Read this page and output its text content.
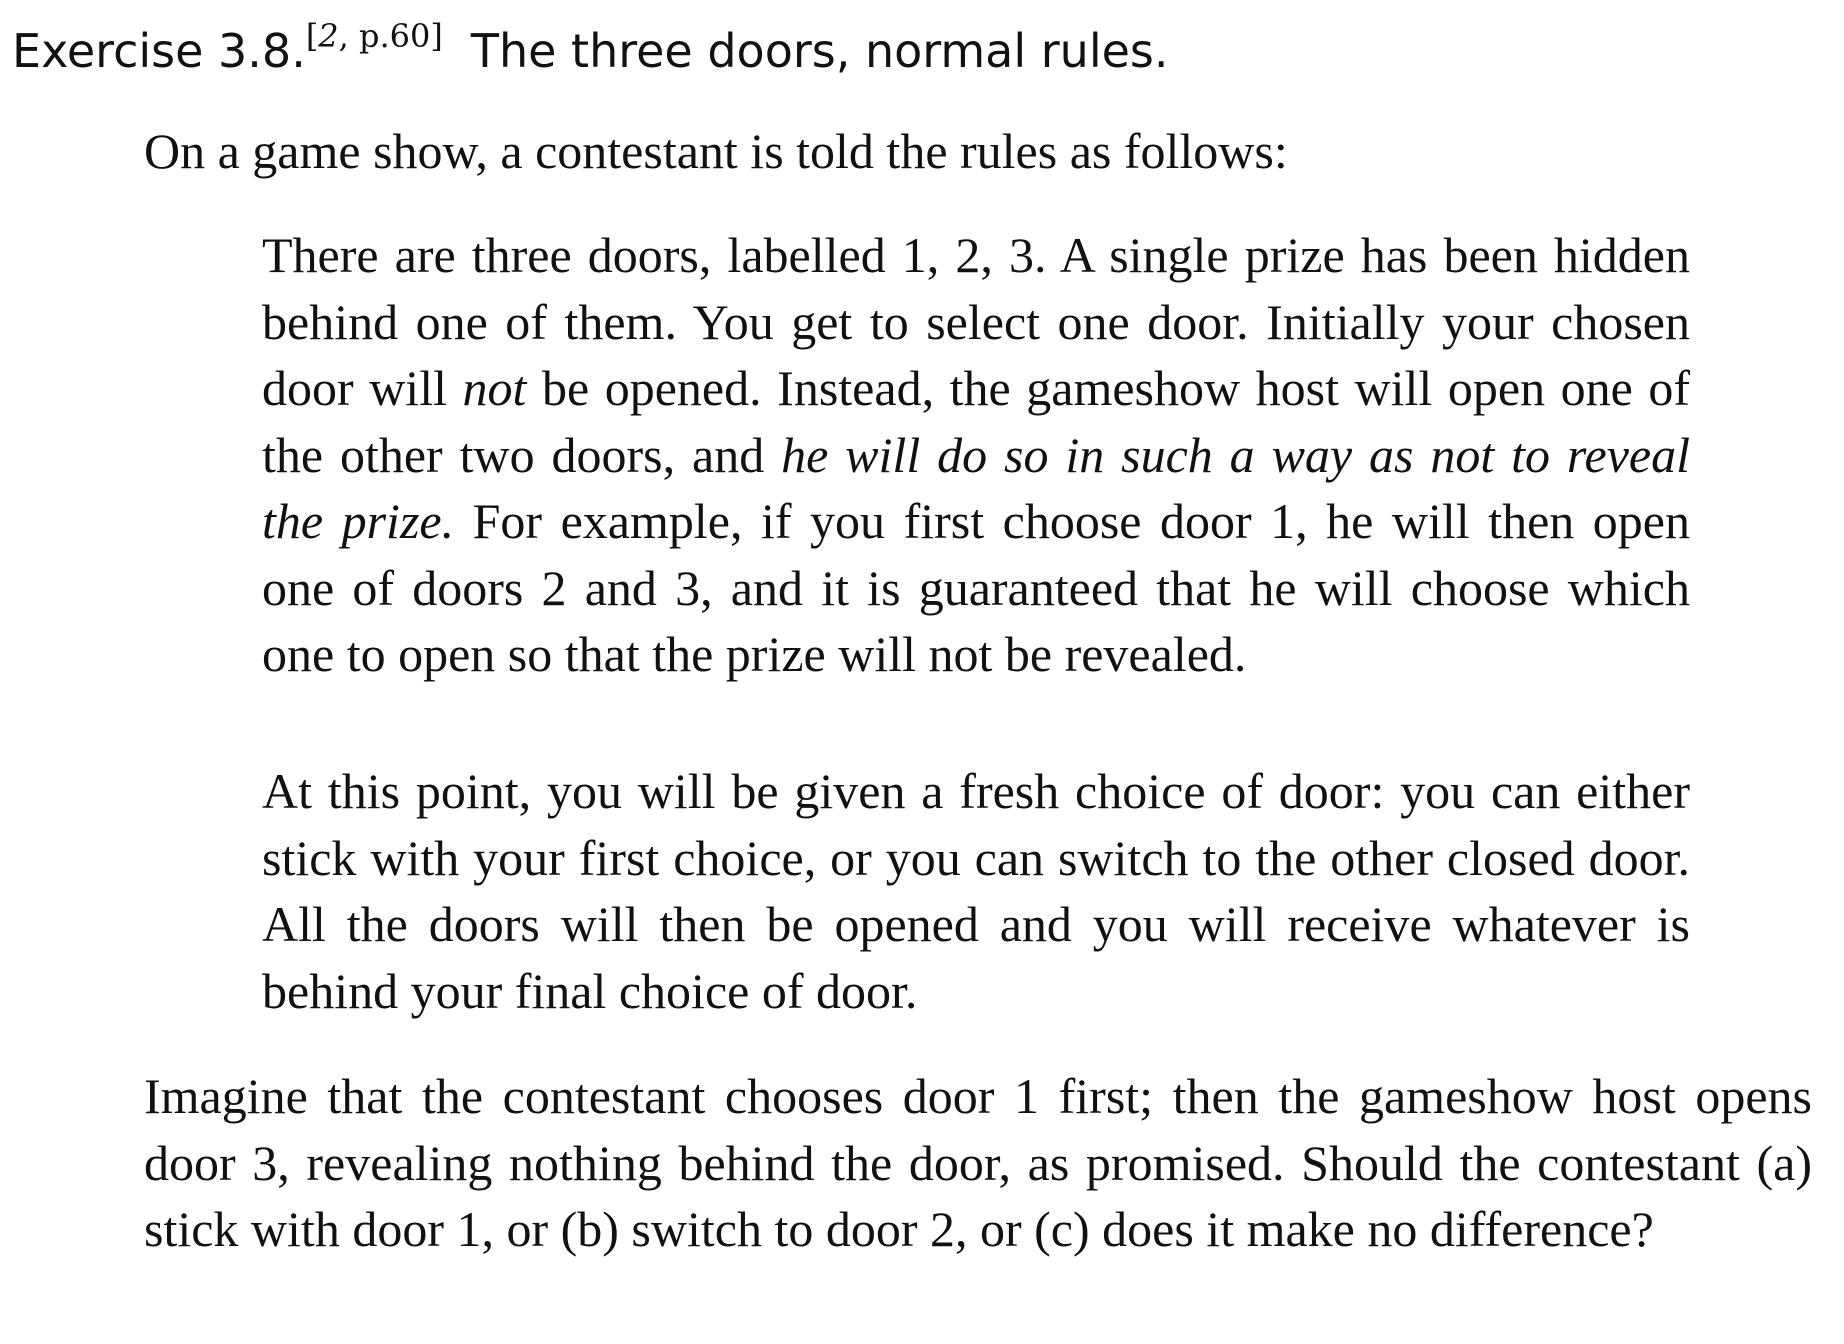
Exercise 3.8.[2, p.60] The three doors, normal rules.
On a game show, a contestant is told the rules as follows:
There are three doors, labelled 1, 2, 3. A single prize has been hidden behind one of them. You get to select one door. Initially your chosen door will not be opened. Instead, the gameshow host will open one of the other two doors, and he will do so in such a way as not to reveal the prize. For example, if you first choose door 1, he will then open one of doors 2 and 3, and it is guaranteed that he will choose which one to open so that the prize will not be revealed.
At this point, you will be given a fresh choice of door: you can either stick with your first choice, or you can switch to the other closed door. All the doors will then be opened and you will receive whatever is behind your final choice of door.
Imagine that the contestant chooses door 1 first; then the gameshow host opens door 3, revealing nothing behind the door, as promised. Should the contestant (a) stick with door 1, or (b) switch to door 2, or (c) does it make no difference?
